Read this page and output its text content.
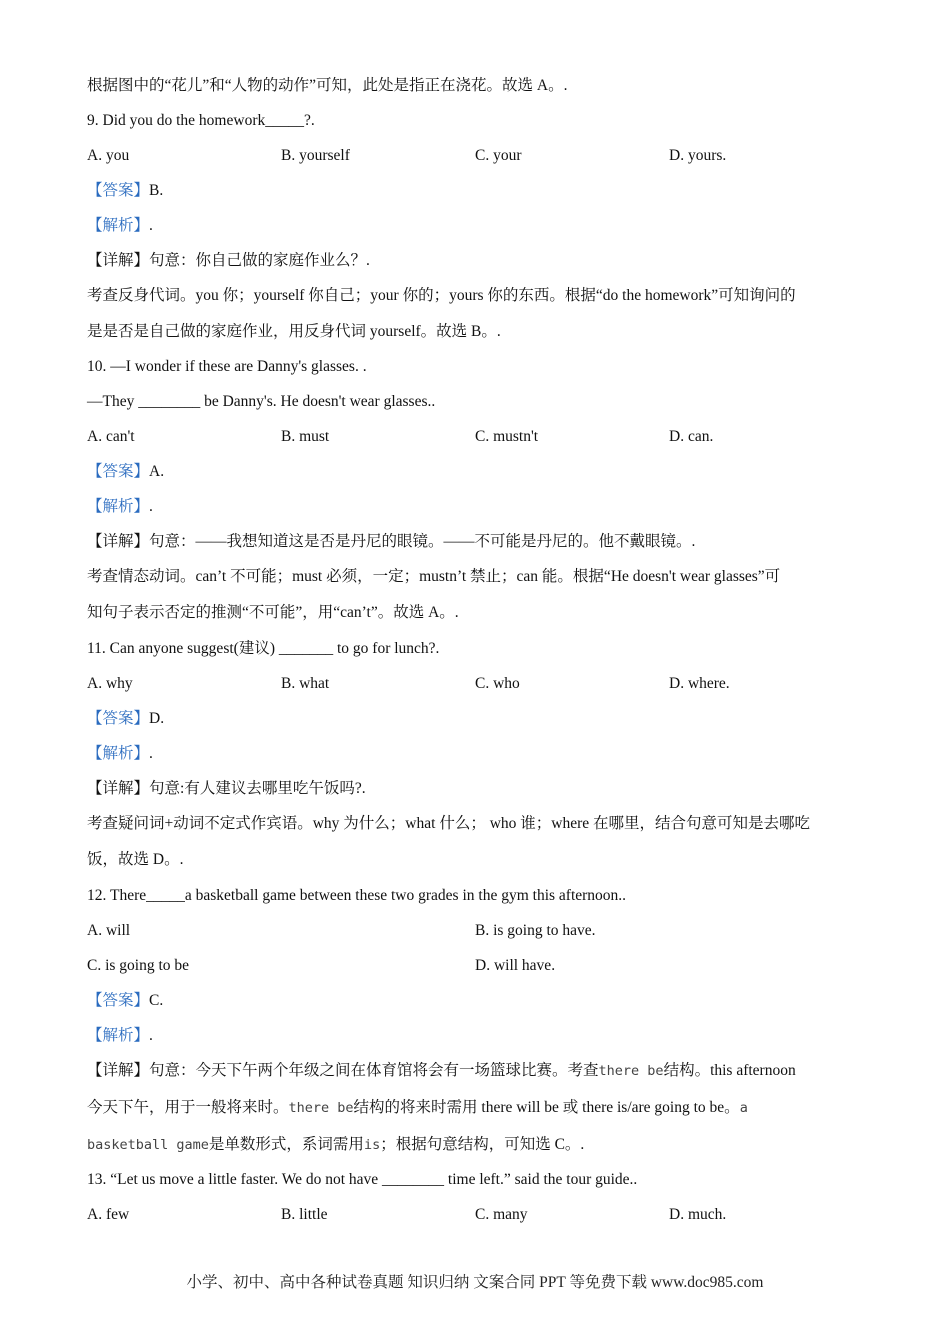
根据图中的“花儿”和“人物的动作”可知，此处是指正在浇花。故选 A。.
9. Did you do the homework_____?.
A. you	B. yourself	C. your	D. yours.
【答案】B.
【解析】.
【详解】句意：你自己做的家庭作业么？.
考查反身代词。you 你；yourself 你自己；your 你的；yours 你的东西。根据“do the homework”可知询问的
是是否是自己做的家庭作业，用反身代词 yourself。故选 B。.
10. —I wonder if these are Danny's glasses. .
—They ________ be Danny's. He doesn't wear glasses..
A. can't	B. must	C. mustn't	D. can.
【答案】A.
【解析】.
【详解】句意：——我想知道这是否是丹尼的眼镜。——不可能是丹尼的。他不戴眼镜。.
考查情态动词。can’t 不可能；must 必须，一定；mustn’t 禁止；can 能。根据“He doesn't wear glasses”可
知句子表示否定的推测“不可能”，用“can’t”。故选 A。.
11. Can anyone suggest(建议) _______ to go for lunch?.
A. why	B. what	C. who	D. where.
【答案】D.
【解析】.
【详解】句意:有人建议去哪里吃午饭吗?.
考查疑问词+动词不定式作宾语。why 为什么；what 什么； who 谁；where 在哪里，结合句意可知是去哪吃
饭，故选 D。.
12. There_____a basketball game between these two grades in the gym this afternoon..
A. will	B. is going to have.
C. is going to be	D. will have.
【答案】C.
【解析】.
【详解】句意：今天下午两个年级之间在体育馆将会有一场篮球比赛。考查there be结构。this afternoon
今天下午，用于一般将来时。there be结构的将来时需用 there will be 或 there is/are going to be。a
basketball game是单数形式，系词需用is；根据句意结构，可知选 C。.
13. “Let us move a little faster. We do not have ________ time left.” said the tour guide..
A. few	B. little	C. many	D. much.
小学、初中、高中各种试卷真题 知识归纳 文案合同 PPT 等免费下载 www.doc985.com
